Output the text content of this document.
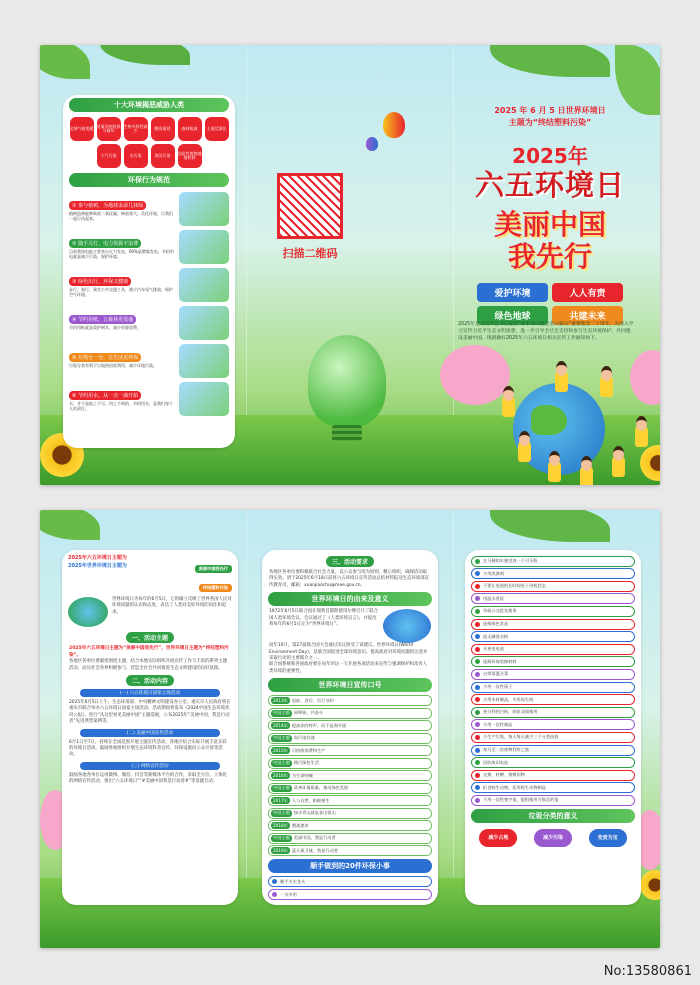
十大环境揭恶威胁人类
全球气候变暖 臭氧层的耗损与破坏
生物多样性减少	酸雨蔓延	森林锐减	土地荒漠化
大气污染	水污染	海洋污染	危险性废物越境转移
环保行为规范
① 参与植树，为地球多添几抹绿
植树造林能够吸收二氧化碳，释放氧气，美化环境，让我们一起行动起来。
② 随手关灯，电力资源不浪费
目前我国电能主要来自火力发电，60%是燃煤发电，节约用电就是减少污染，保护环境。
③ 绿色出行，环保又健康
步行、骑行、乘坐公共交通工具，减少汽车尾气排放，保护空气环境。
④ 节约用纸，让森林更茂盛
节约用纸就是爱护树木，减少资源浪费。
⑤ 垃圾分一分，让生活更环保
垃圾分类有利于垃圾的回收利用，减少环境污染。
⑥ 节约用水，从一点一滴开始
水，并不是取之不尽、用之不竭的，节约用水，是我们每个人的责任。
扫描二维码
2025 年 6 月 5 日世界环境日
主题为“终结塑料污染”
2025年
六五环境日
美丽中国
我先行
爱护环境	人人有责
绿色地球	共建未来
2025年是习近平总书记提出“绿水青山就是金山银山”重要理念二十周年。为深入学习宣传习近平生态文明思想，进一步引导全社会支持和参与生态环境保护，共同建设美丽中国，现就做好2025年六五环境日相关宣传工作通知如下。
2025年六五环境日主题为
2025年世界环境日主题为	美丽中国我先行
终结塑料污染
世界环境日为每年的6月5日，它的确立反映了世界各国人民对环境问题的认识和态度，表达了人类对美好环境的向往和追求。
一、活动主题
2025年六五环境日主题为“美丽中国我先行”，世界环境日主题为“终结塑料污染”。
各地区各单位要紧密围绕主题，结合本地实际组织开展宣传工作与丰富的系列主题活动，动员社会各界积极参与，营造全社会共同推进生态文明建设的良好氛围。
二、活动内容
(一) 六五环境日国家主场活动
2025年6月5日上午，生态环境部、中央精神文明建设办公室、重庆市人民政府将在重庆市联合举办六五环境日国家主场活动，活动期间将发布《2024中国生态环境状况公报》，进行“从这里看见美丽中国”主题巡展，公布2025年“美丽中国，我是行动者”先进典型案例等。
(二) 美丽中国宣传活动
6月1日至7日，持续在全国范围开展主题宣传活动，各地区结合实际开展丰富多彩的环境日活动，鼓励各地组织开展生态环境科普宣传、环保设施向公众开放等活动。
(三) 网络宣传活动
鼓励各地各单位运用微博、微信、抖音等新媒体平台的合作，采取全方位、立体化的网络宣传活动，推出“六五环境日”“#美丽中国我是行动者#”等话题互动。
三、活动要求
各地区各单位要积极联合社会力量，以公众参与度为原则，精心组织，确保活动取得实效。请于2025年6月18日前将六五环境日宣传活动总结材料报送生态环境部宣传教育司，邮箱：xuanjiaochu@mee.gov.cn。
世界环境日的由来及意义
1972年6月5日联合国在瑞典首都斯德哥尔摩召开了联合国人类环境会议，会议通过了《人类环境宣言》，并提出将每年的6月5日定为“世界环境日”。
同年10月，第27届联合国大会通过决议接受了该建议。世界环境日(World Environment Day)，是联合国促进全球环境意识、提高政府对环境问题的注意并采取行动的主要媒介之一。
联合国系统和各国政府要在每年的这一天开展各项活动来宣传与强调保护和改善人类环境的重要性。
世界环境日宣传口号
2013年 思前、食后、厉行节约
中国主题 同呼吸、共奋斗
2014年 提高你的呼声，而不是海平面
中国主题 向污染宣战
2015年 可持续消费和生产
中国主题 践行绿色生活
2016年 为生命呐喊
中国主题 改善环境质量，推动绿色发展
2017年 人与自然，相联相生
中国主题 绿水青山就是金山银山
2018年 塑战速决
中国主题 美丽中国，我是行动者
2019年 蓝天保卫战，我是行动者
顺手做到的20件环保小事
顺手关水龙头
一水多用
在马桶的水箱里放一个可乐瓶
少用洗涤剂
不要让电视机长时间处于待机状态
用温水煮饭
争取公交优先使用
选购绿色食品
选无磷洗衣粉
买充电电池
选购环保装修材料
自带菜篮买菜
少用一次性筷子
少用木材制品，多用再生纸
充分利用白纸，纸张双面使用
少用一次性制品
少生产垃圾，每人每天减少三个分类投放
每月至一次废物利用之旅
回收废旧电池
交换、转赠、捐赠旧物
拒食野生动物，拒用野生动物制品
不用一次性签字笔，提倡使用可换芯的笔
垃圾分类的意义
减少占地	减少污染	变废为宝
No:13580861
